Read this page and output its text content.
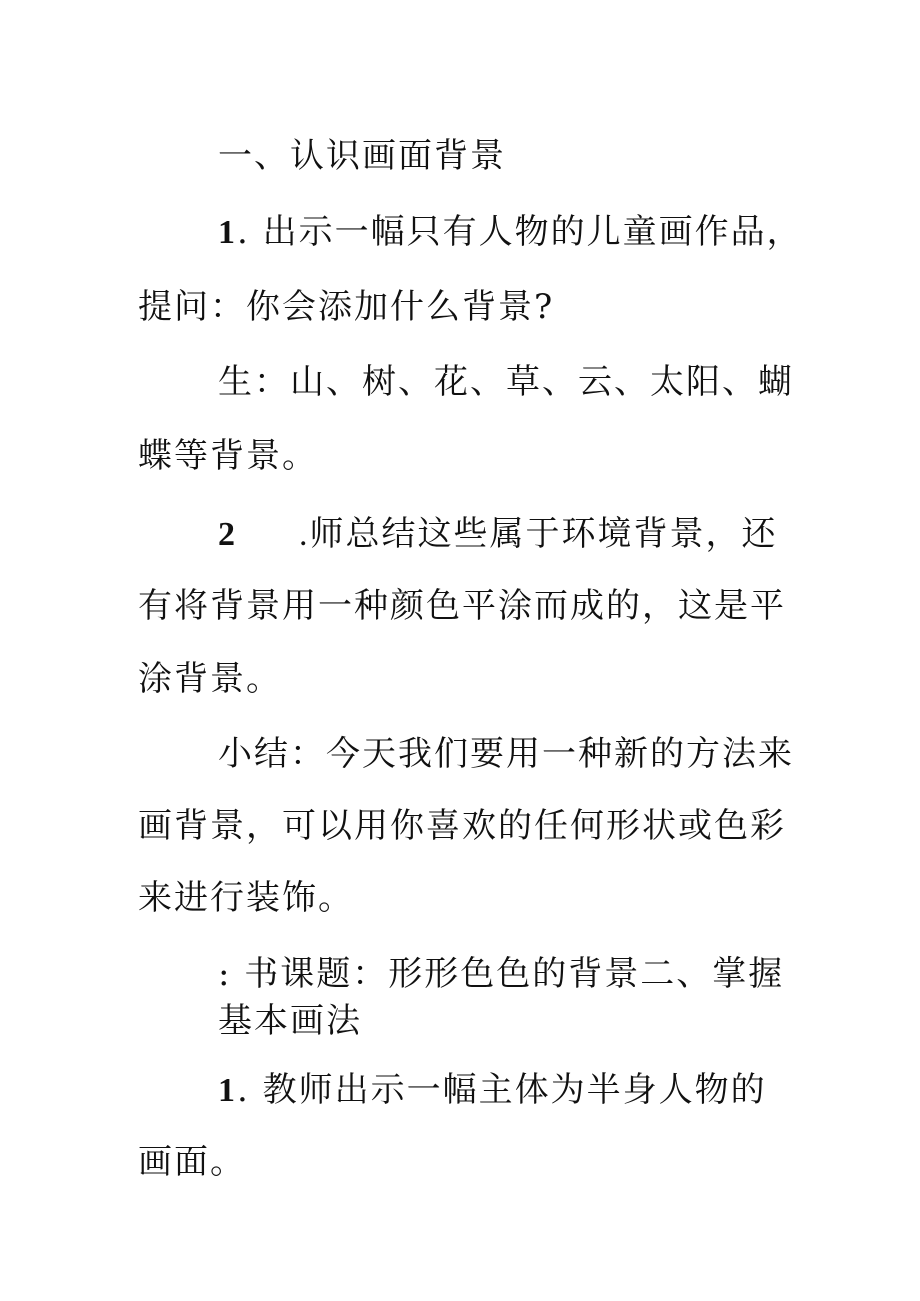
一、认识画面背景
1. 出示一幅只有人物的儿童画作品，
提问：你会添加什么背景?
生：山、树、花、草、云、太阳、蝴
蝶等背景。
2 .师总结这些属于环境背景，还
有将背景用一种颜色平涂而成的，这是平
涂背景。
小结：今天我们要用一种新的方法来
画背景，可以用你喜欢的任何形状或色彩
来进行装饰。
: 书课题：形形色色的背景二、掌握
基本画法
1. 教师出示一幅主体为半身人物的
画面。
